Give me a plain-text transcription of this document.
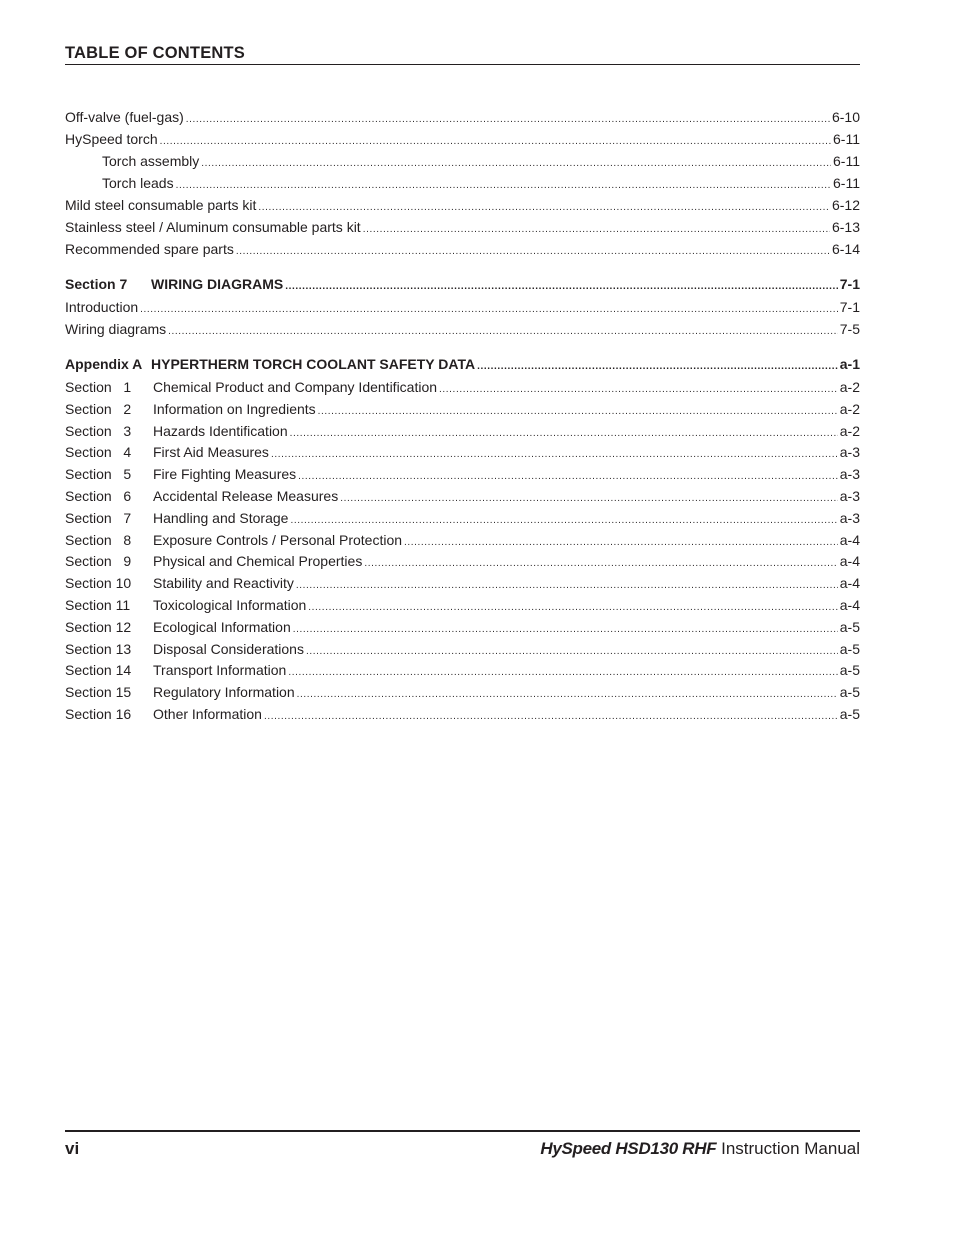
TABLE OF CONTENTS
Off-valve (fuel-gas) .....	6-10
HySpeed torch .....	6-11
Torch assembly .....	6-11
Torch leads .....	6-11
Mild steel consumable parts kit .....	6-12
Stainless steel / Aluminum consumable parts kit .....	6-13
Recommended spare parts .....	6-14
Section 7 WIRING DIAGRAMS .....	7-1
Introduction .....	7-1
Wiring diagrams .....	7-5
Appendix A HYPERTHERM TORCH COOLANT SAFETY DATA .....	a-1
Section   1 Chemical Product and Company Identification .....	a-2
Section   2 Information on Ingredients .....	a-2
Section   3 Hazards Identification .....	a-2
Section   4 First Aid Measures .....	a-3
Section   5 Fire Fighting Measures .....	a-3
Section   6 Accidental Release Measures .....	a-3
Section   7 Handling and Storage .....	a-3
Section   8 Exposure Controls / Personal Protection .....	a-4
Section   9 Physical and Chemical Properties .....	a-4
Section 10 Stability and Reactivity .....	a-4
Section 11 Toxicological Information .....	a-4
Section 12 Ecological Information .....	a-5
Section 13 Disposal Considerations .....	a-5
Section 14 Transport Information .....	a-5
Section 15 Regulatory Information .....	a-5
Section 16 Other Information .....	a-5
vi	HySpeed HSD130 RHF Instruction Manual
